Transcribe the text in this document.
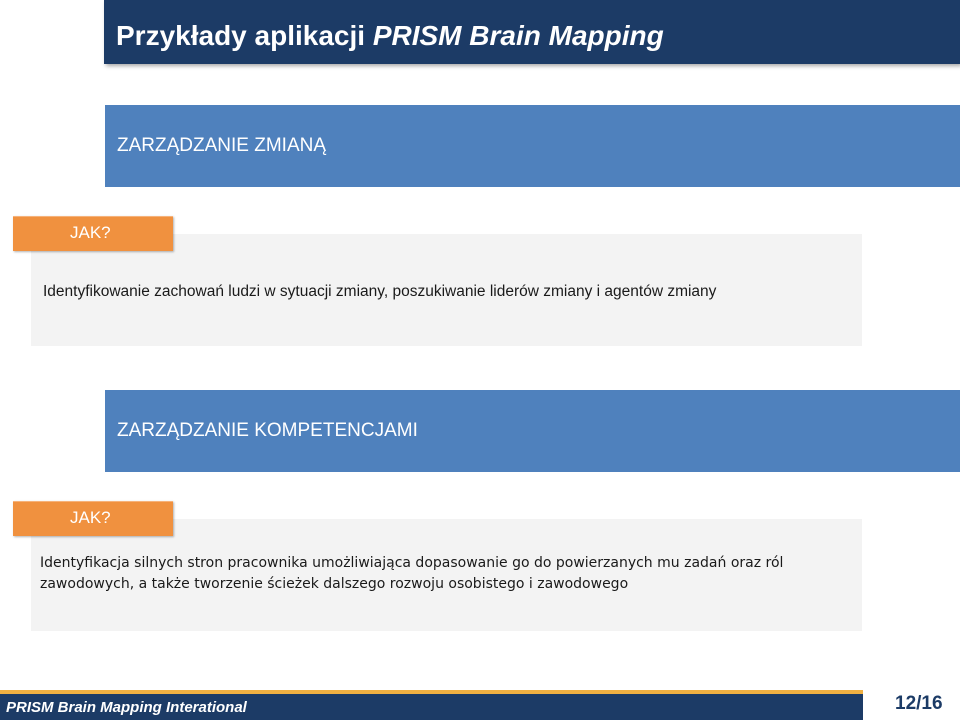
Przykłady aplikacji PRISM Brain Mapping
ZARZĄDZANIE ZMIANĄ
Identyfikowanie zachowań ludzi w sytuacji zmiany, poszukiwanie liderów zmiany i agentów zmiany
JAK?
ZARZĄDZANIE KOMPETENCJAMI
Identyfikacja silnych stron pracownika umożliwiająca dopasowanie go do powierzanych mu zadań oraz ról
zawodowych, a także tworzenie ścieżek dalszego rozwoju osobistego i zawodowego
JAK?
PRISM Brain Mapping Interational	12/16
